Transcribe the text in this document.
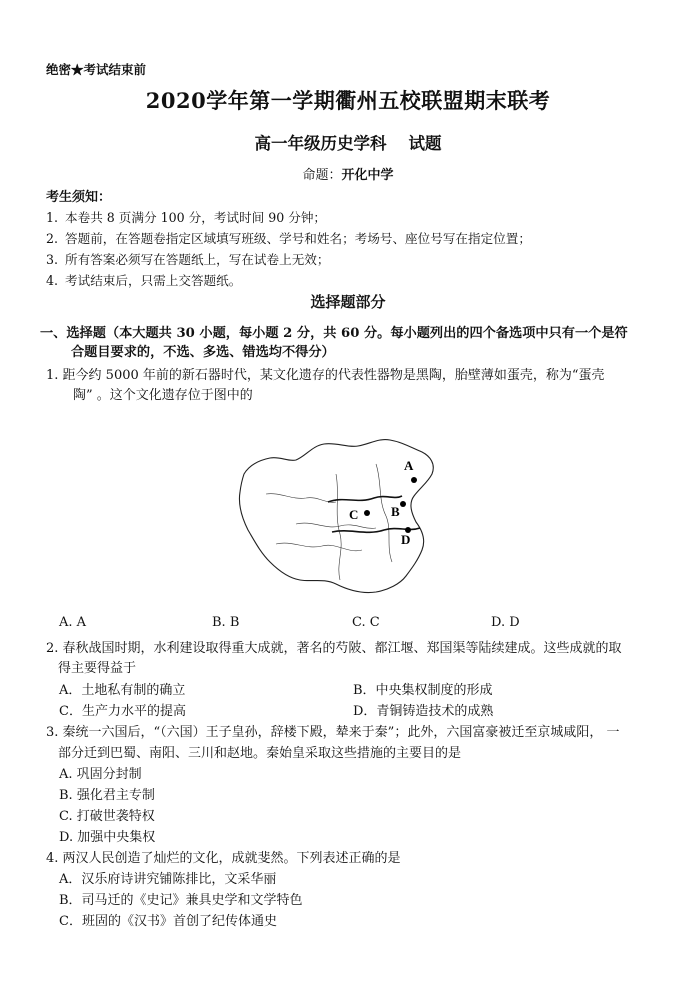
绝密★考试结束前
2020学年第一学期衢州五校联盟期末联考
高一年级历史学科 试题
命题：开化中学
考生须知：
1. 本卷共 8 页满分 100 分，考试时间 90 分钟；
2. 答题前，在答题卷指定区域填写班级、学号和姓名；考场号、座位号写在指定位置；
3. 所有答案必须写在答题纸上，写在试卷上无效；
4. 考试结束后，只需上交答题纸。
选择题部分
一、选择题（本大题共 30 小题，每小题 2 分，共 60 分。每小题列出的四个备选项中只有一个是符
合题目要求的，不选、多选、错选均不得分）
1. 距今约 5000 年前的新石器时代，某文化遗存的代表性器物是黑陶，胎壁薄如蛋壳，称为“蛋壳
陶” 。这个文化遗存位于图中的
A
B
C
D
A. A	B. B	C. C	D. D
2. 春秋战国时期，水利建设取得重大成就，著名的芍陂、都江堰、郑国渠等陆续建成。这些成就的取
得主要得益于
A．土地私有制的确立	B．中央集权制度的形成
C．生产力水平的提高	D．青铜铸造技术的成熟
3. 秦统一六国后，“（六国）王子皇孙，辞楼下殿，辇来于秦”；此外，六国富豪被迁至京城咸阳， 一
部分迁到巴蜀、南阳、三川和赵地。秦始皇采取这些措施的主要目的是
A. 巩固分封制
B. 强化君主专制
C. 打破世袭特权
D. 加强中央集权
4. 两汉人民创造了灿烂的文化，成就斐然。下列表述正确的是
A．汉乐府诗讲究铺陈排比，文采华丽
B．司马迁的《史记》兼具史学和文学特色
C．班固的《汉书》首创了纪传体通史
